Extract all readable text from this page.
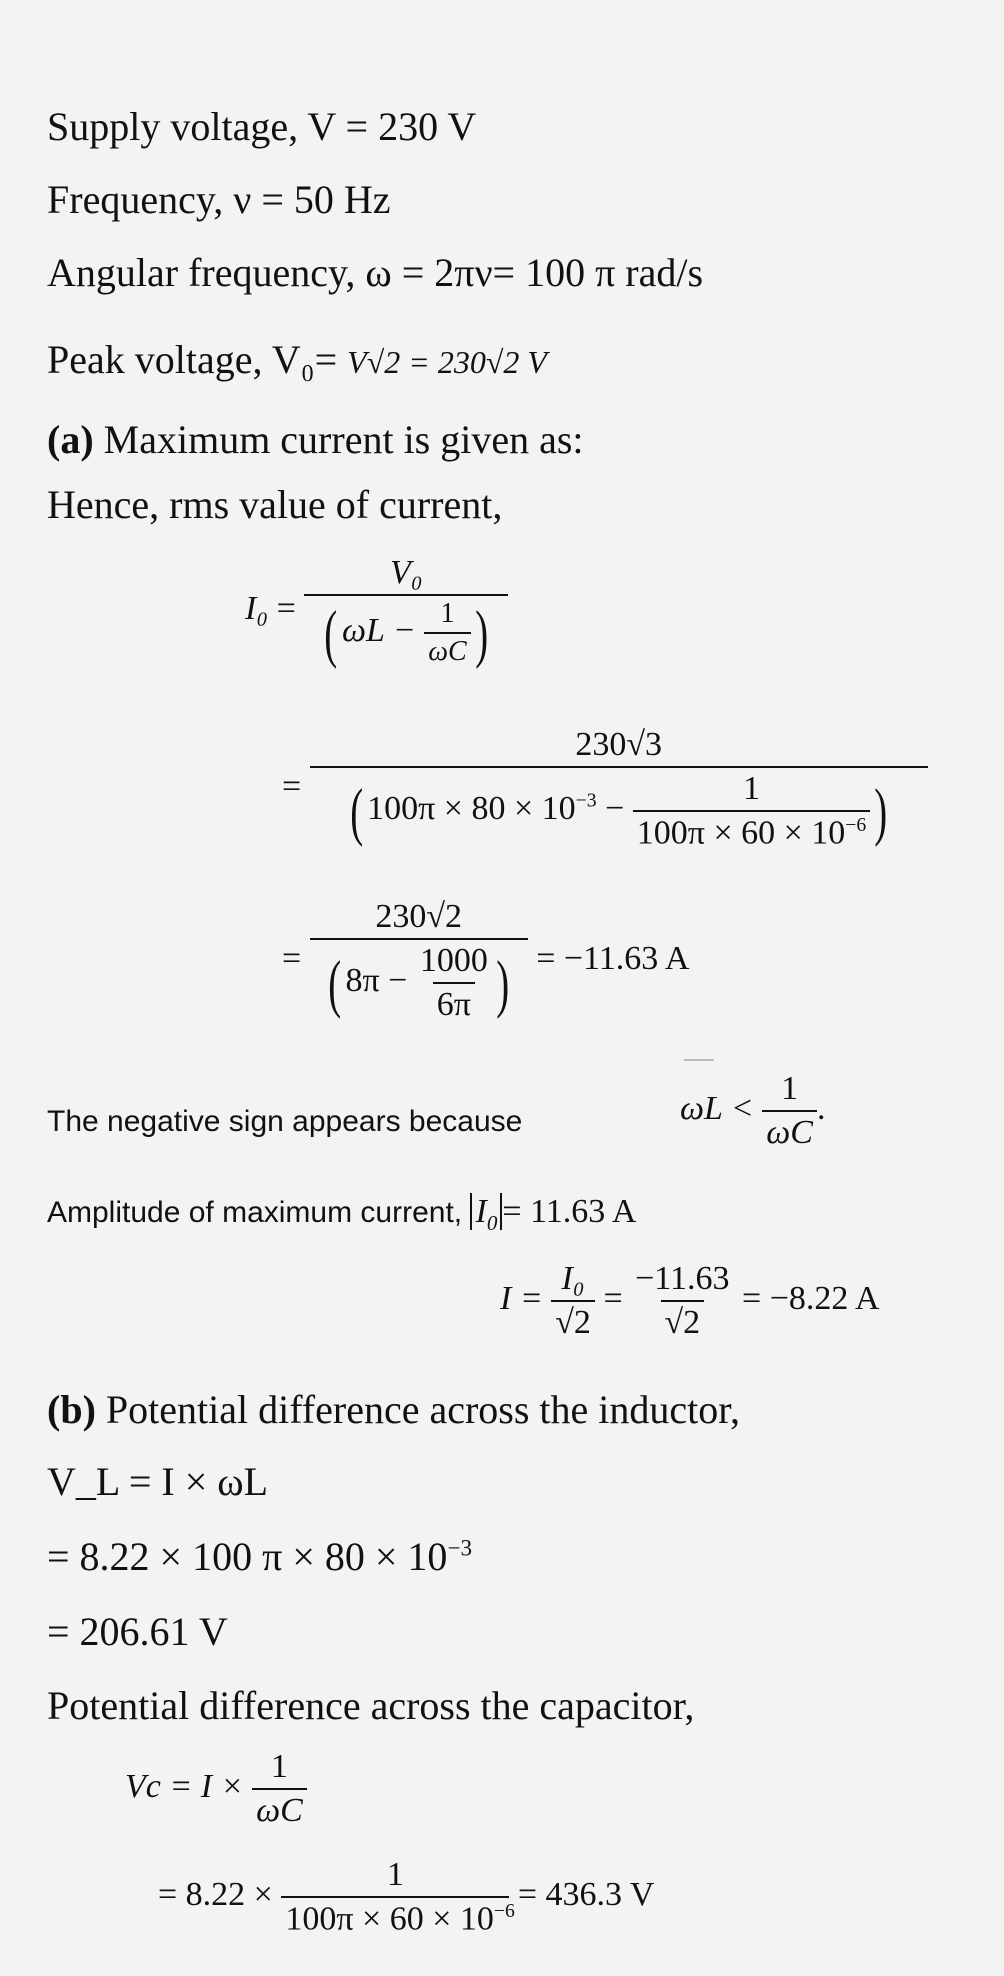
Supply voltage, V = 230 V
Frequency, ν = 50 Hz
Angular frequency, ω = 2πν= 100 π rad/s
Peak voltage, V₀= V√2 = 230√2 V
(a) Maximum current is given as:
Hence, rms value of current,
$I_0 = \frac{\text{V₀}}{( \omega L - \frac{1}{\omega C} )}$
= $\frac{230√3}{( 100\pi \times 80 \times 10^{-3} - \frac{1}{100\pi \times 60 \times 10^{-6}} )}$
= $\frac{230√2}{( 8\pi - \frac{1000}{6\pi} )} = -11.63$ A
The negative sign appears because	$\omega L < \frac{1}{\omega C}$ .
Amplitude of maximum current, $I_0 = 11.63$ A
$I = \frac{\text{I₀}}{√2} = \frac{-11.63}{√2} = -8.22$ A
(b) Potential difference across the inductor,
V_L = I × ωL
= 8.22 × 100 $\pi \times 80 \times 10^{-3}$
= 206.61 V
Potential difference across the capacitor,
$Vc = I \times \frac{1}{\omega C}$
= $8.22 \times \frac{1}{100\pi \times 60 \times 10^{-6}} = 436.3$ V
